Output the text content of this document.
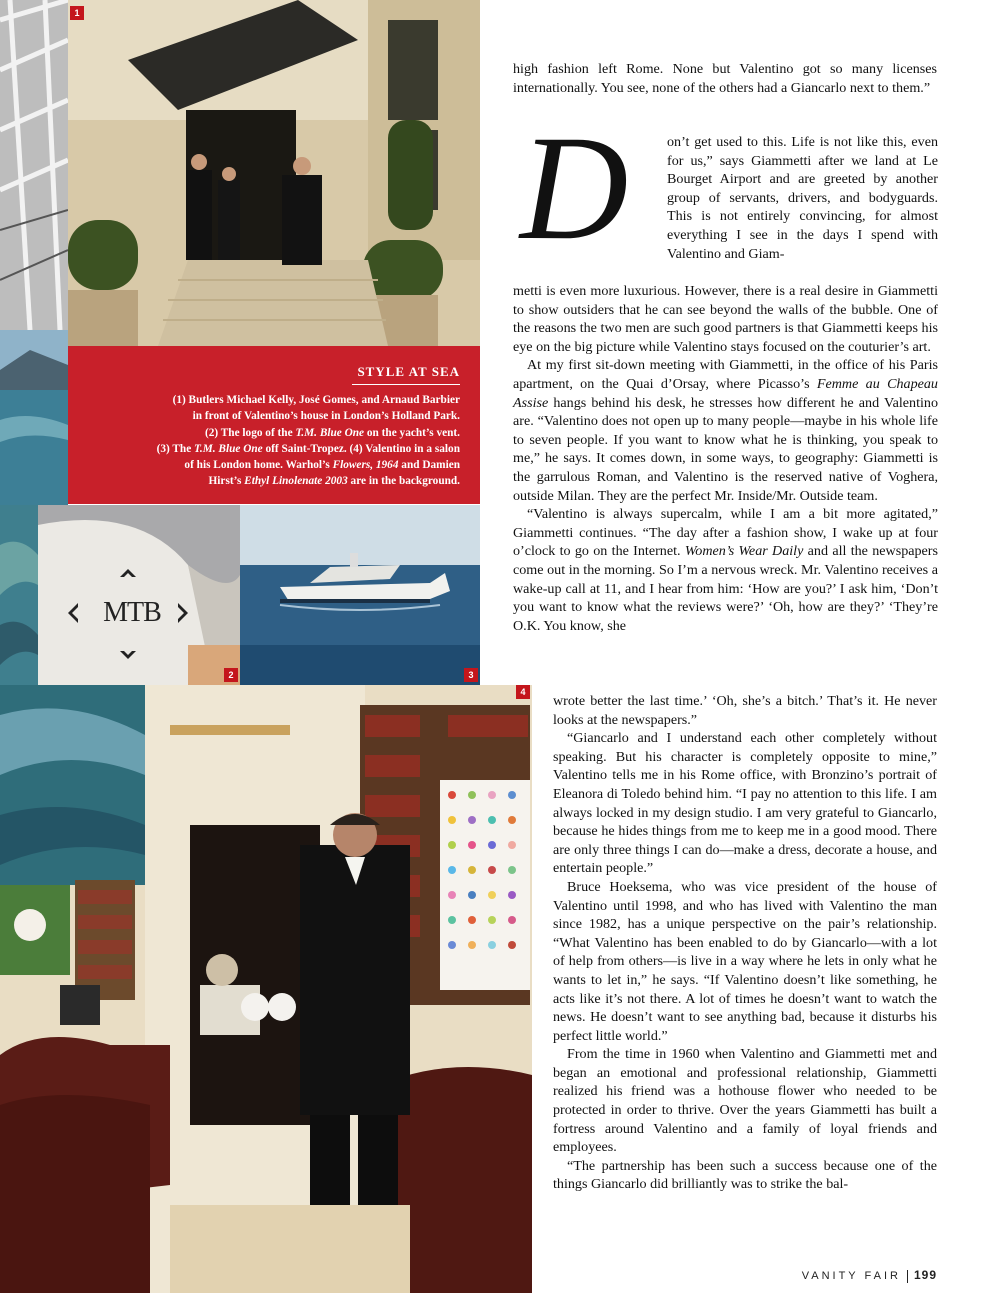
1
STYLE AT SEA
(1) Butlers Michael Kelly, José Gomes, and Arnaud Barbier
in front of Valentino’s house in London’s Holland Park.
(2) The logo of the T.M. Blue One on the yacht’s vent.
(3) The T.M. Blue One off Saint-Tropez. (4) Valentino in a salon
of his London home. Warhol’s Flowers, 1964 and Damien
Hirst’s Ethyl Linolenate 2003 are in the background.
MTB
2	3
4

high fashion left Rome. None but Valentino got so many licenses internationally. You see, none of the others had a Giancarlo next to them.”

D	on’t get used to this. Life is not like this, even for us,” says Giammetti after we land at Le Bourget Airport and are greeted by another group of servants, drivers, and bodyguards. This is not entirely convincing, for almost everything I see in the days I spend with Valentino and Giam-

metti is even more luxurious. However, there is a real desire in Giammetti to show outsiders that he can see beyond the walls of the bubble. One of the reasons the two men are such good partners is that Giammetti keeps his eye on the big picture while Valentino stays focused on the couturier’s art.

At my first sit-down meeting with Giammetti, in the office of his Paris apartment, on the Quai d’Orsay, where Picasso’s Femme au Chapeau Assise hangs behind his desk, he stresses how different he and Valentino are. “Valentino does not open up to many people—maybe in his whole life to seven people. If you want to know what he is thinking, you speak to me,” he says. It comes down, in some ways, to geography: Giammetti is the garrulous Roman, and Valentino is the reserved native of Voghera, outside Milan. They are the perfect Mr. Inside/Mr. Outside team.

“Valentino is always supercalm, while I am a bit more agitated,” Giammetti continues. “The day after a fashion show, I wake up at four o’clock to go on the Internet. Women’s Wear Daily and all the newspapers come out in the morning. So I’m a nervous wreck. Mr. Valentino receives a wake-up call at 11, and I hear from him: ‘How are you?’ I ask him, ‘Don’t you want to know what the reviews were?’ ‘Oh, how are they?’ ‘They’re O.K. You know, she

wrote better the last time.’ ‘Oh, she’s a bitch.’ That’s it. He never looks at the newspapers.”

“Giancarlo and I understand each other completely without speaking. But his character is completely opposite to mine,” Valentino tells me in his Rome office, with Bronzino’s portrait of Eleanora di Toledo behind him. “I pay no attention to this life. I am always locked in my design studio. I am very grateful to Giancarlo, because he hides things from me to keep me in a good mood. There are only three things I can do—make a dress, decorate a house, and entertain people.”

Bruce Hoeksema, who was vice president of the house of Valentino until 1998, and who has lived with Valentino the man since 1982, has a unique perspective on the pair’s relationship. “What Valentino has been enabled to do by Giancarlo—with a lot of help from others—is live in a way where he lets in only what he wants to let in,” he says. “If Valentino doesn’t like something, he acts like it’s not there. A lot of times he doesn’t want to watch the news. He doesn’t want to see anything bad, because it disturbs his perfect little world.”

From the time in 1960 when Valentino and Giammetti met and began an emotional and professional relationship, Giammetti realized his friend was a hothouse flower who needed to be protected in order to thrive. Over the years Giammetti has built a fortress around Valentino and a family of loyal friends and employees.

“The partnership has been such a success because one of the things Giancarlo did brilliantly was to strike the bal-

VANITY FAIR 199
